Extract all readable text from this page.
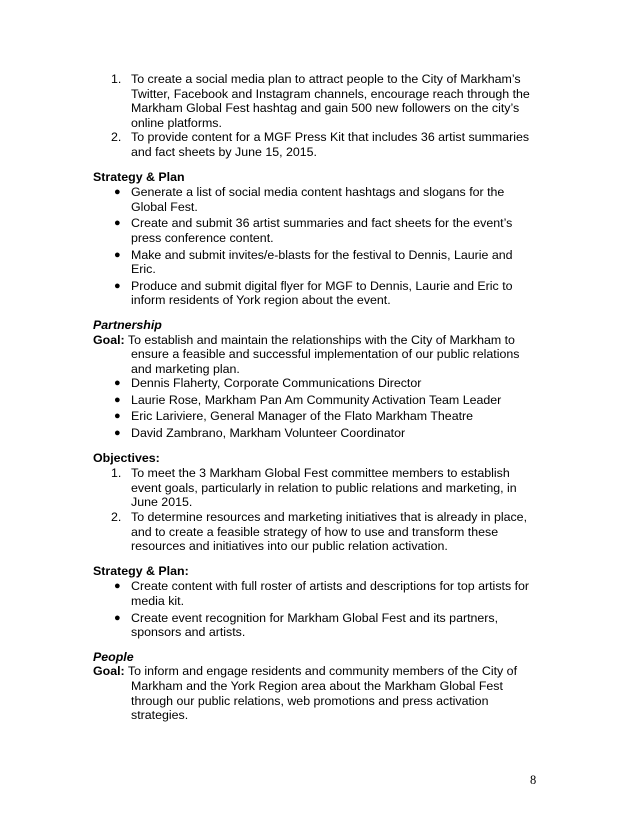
1. To create a social media plan to attract people to the City of Markham’s
Twitter, Facebook and Instagram channels, encourage reach through the
Markham Global Fest hashtag and gain 500 new followers on the city’s
online platforms.
2. To provide content for a MGF Press Kit that includes 36 artist summaries
and fact sheets by June 15, 2015.
Strategy & Plan
● Generate a list of social media content hashtags and slogans for the
Global Fest.
● Create and submit 36 artist summaries and fact sheets for the event’s
press conference content.
● Make and submit invites/e-blasts for the festival to Dennis, Laurie and
Eric.
● Produce and submit digital flyer for MGF to Dennis, Laurie and Eric to
inform residents of York region about the event.
Partnership
Goal: To establish and maintain the relationships with the City of Markham to
ensure a feasible and successful implementation of our public relations
and marketing plan.
● Dennis Flaherty, Corporate Communications Director
● Laurie Rose, Markham Pan Am Community Activation Team Leader
● Eric Lariviere, General Manager of the Flato Markham Theatre
● David Zambrano, Markham Volunteer Coordinator
Objectives:
1. To meet the 3 Markham Global Fest committee members to establish
event goals, particularly in relation to public relations and marketing, in
June 2015.
2. To determine resources and marketing initiatives that is already in place,
and to create a feasible strategy of how to use and transform these
resources and initiatives into our public relation activation.
Strategy & Plan:
● Create content with full roster of artists and descriptions for top artists for
media kit.
● Create event recognition for Markham Global Fest and its partners,
sponsors and artists.
People
Goal: To inform and engage residents and community members of the City of
Markham and the York Region area about the Markham Global Fest
through our public relations, web promotions and press activation
strategies.
8
